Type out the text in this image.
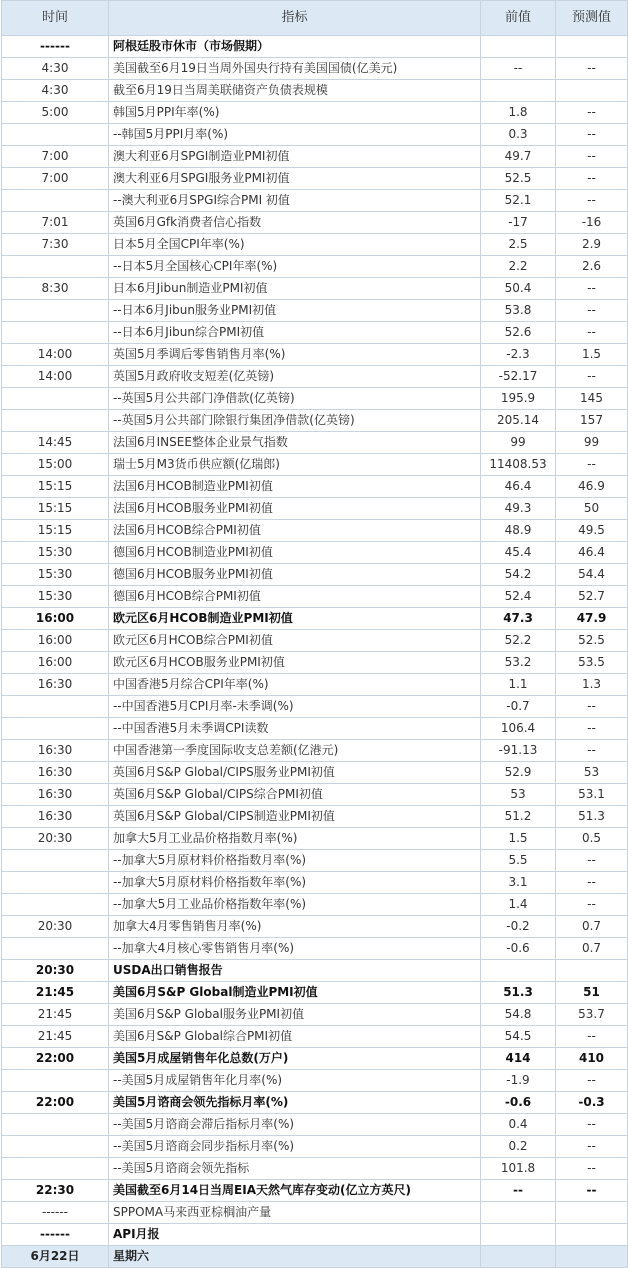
时间	指标	前值	预测值
------	阿根廷股市休市（市场假期）		
4:30	美国截至6月19日当周外国央行持有美国国债(亿美元)	--	--
4:30	截至6月19日当周美联储资产负债表规模		
5:00	韩国5月PPI年率(%)	1.8	--
	--韩国5月PPI月率(%)	0.3	--
7:00	澳大利亚6月SPGI制造业PMI初值	49.7	--
7:00	澳大利亚6月SPGI服务业PMI初值	52.5	--
	--澳大利亚6月SPGI综合PMI 初值	52.1	--
7:01	英国6月Gfk消费者信心指数	-17	-16
7:30	日本5月全国CPI年率(%)	2.5	2.9
	--日本5月全国核心CPI年率(%)	2.2	2.6
8:30	日本6月Jibun制造业PMI初值	50.4	--
	--日本6月Jibun服务业PMI初值	53.8	--
	--日本6月Jibun综合PMI初值	52.6	--
14:00	英国5月季调后零售销售月率(%)	-2.3	1.5
14:00	英国5月政府收支短差(亿英镑)	-52.17	--
	--英国5月公共部门净借款(亿英镑)	195.9	145
	--英国5月公共部门除银行集团净借款(亿英镑)	205.14	157
14:45	法国6月INSEE整体企业景气指数	99	99
15:00	瑞士5月M3货币供应额(亿瑞郎)	11408.53	--
15:15	法国6月HCOB制造业PMI初值	46.4	46.9
15:15	法国6月HCOB服务业PMI初值	49.3	50
15:15	法国6月HCOB综合PMI初值	48.9	49.5
15:30	德国6月HCOB制造业PMI初值	45.4	46.4
15:30	德国6月HCOB服务业PMI初值	54.2	54.4
15:30	德国6月HCOB综合PMI初值	52.4	52.7
16:00	欧元区6月HCOB制造业PMI初值	47.3	47.9
16:00	欧元区6月HCOB综合PMI初值	52.2	52.5
16:00	欧元区6月HCOB服务业PMI初值	53.2	53.5
16:30	中国香港5月综合CPI年率(%)	1.1	1.3
	--中国香港5月CPI月率-未季调(%)	-0.7	--
	--中国香港5月未季调CPI读数	106.4	--
16:30	中国香港第一季度国际收支总差额(亿港元)	-91.13	--
16:30	英国6月S&P Global/CIPS服务业PMI初值	52.9	53
16:30	英国6月S&P Global/CIPS综合PMI初值	53	53.1
16:30	英国6月S&P Global/CIPS制造业PMI初值	51.2	51.3
20:30	加拿大5月工业品价格指数月率(%)	1.5	0.5
	--加拿大5月原材料价格指数月率(%)	5.5	--
	--加拿大5月原材料价格指数年率(%)	3.1	--
	--加拿大5月工业品价格指数年率(%)	1.4	--
20:30	加拿大4月零售销售月率(%)	-0.2	0.7
	--加拿大4月核心零售销售月率(%)	-0.6	0.7
20:30	USDA出口销售报告		
21:45	美国6月S&P Global制造业PMI初值	51.3	51
21:45	美国6月S&P Global服务业PMI初值	54.8	53.7
21:45	美国6月S&P Global综合PMI初值	54.5	--
22:00	美国5月成屋销售年化总数(万户)	414	410
	--美国5月成屋销售年化月率(%)	-1.9	--
22:00	美国5月谘商会领先指标月率(%)	-0.6	-0.3
	--美国5月谘商会滞后指标月率(%)	0.4	--
	--美国5月谘商会同步指标月率(%)	0.2	--
	--美国5月谘商会领先指标	101.8	--
22:30	美国截至6月14日当周EIA天然气库存变动(亿立方英尺)	--	--
------	SPPOMA马来西亚棕榈油产量		
------	API月报		
6月22日	星期六		
